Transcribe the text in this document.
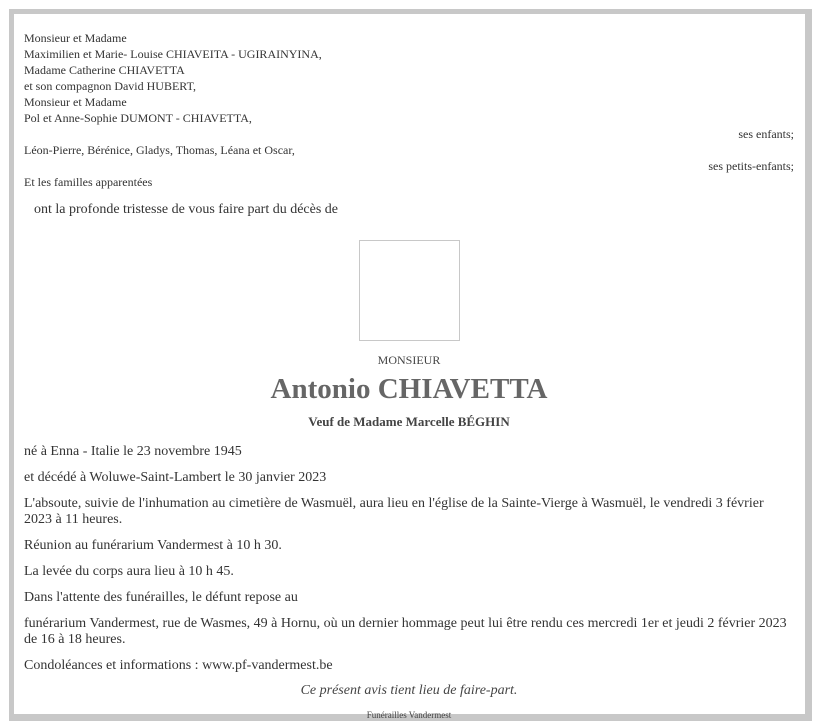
Monsieur et Madame
Maximilien et Marie- Louise CHIAVEITA - UGIRAINYINA,
Madame Catherine CHIAVETTA
et son compagnon David HUBERT,
Monsieur et Madame
Pol et Anne-Sophie DUMONT - CHIAVETTA,
ses enfants;
Léon-Pierre, Bérénice, Gladys, Thomas, Léana et Oscar,
ses petits-enfants;
Et les familles apparentées
ont la profonde tristesse de vous faire part du décès de
MONSIEUR
Antonio CHIAVETTA
Veuf de Madame Marcelle BÉGHIN
né à Enna - Italie le 23 novembre 1945
et décédé à Woluwe-Saint-Lambert le 30 janvier 2023
L'absoute, suivie de l'inhumation au cimetière de Wasmuël, aura lieu en l'église de la Sainte-Vierge à Wasmuël, le vendredi 3 février 2023 à 11 heures.
Réunion au funérarium Vandermest à 10 h 30.
La levée du corps aura lieu à 10 h 45.
Dans l'attente des funérailles, le défunt repose au
funérarium Vandermest, rue de Wasmes, 49 à Hornu, où un dernier hommage peut lui être rendu ces mercredi 1er et jeudi 2 février 2023 de 16 à 18 heures.
Condoléances et informations : www.pf-vandermest.be
Ce présent avis tient lieu de faire-part.
Funérailles Vandermest
